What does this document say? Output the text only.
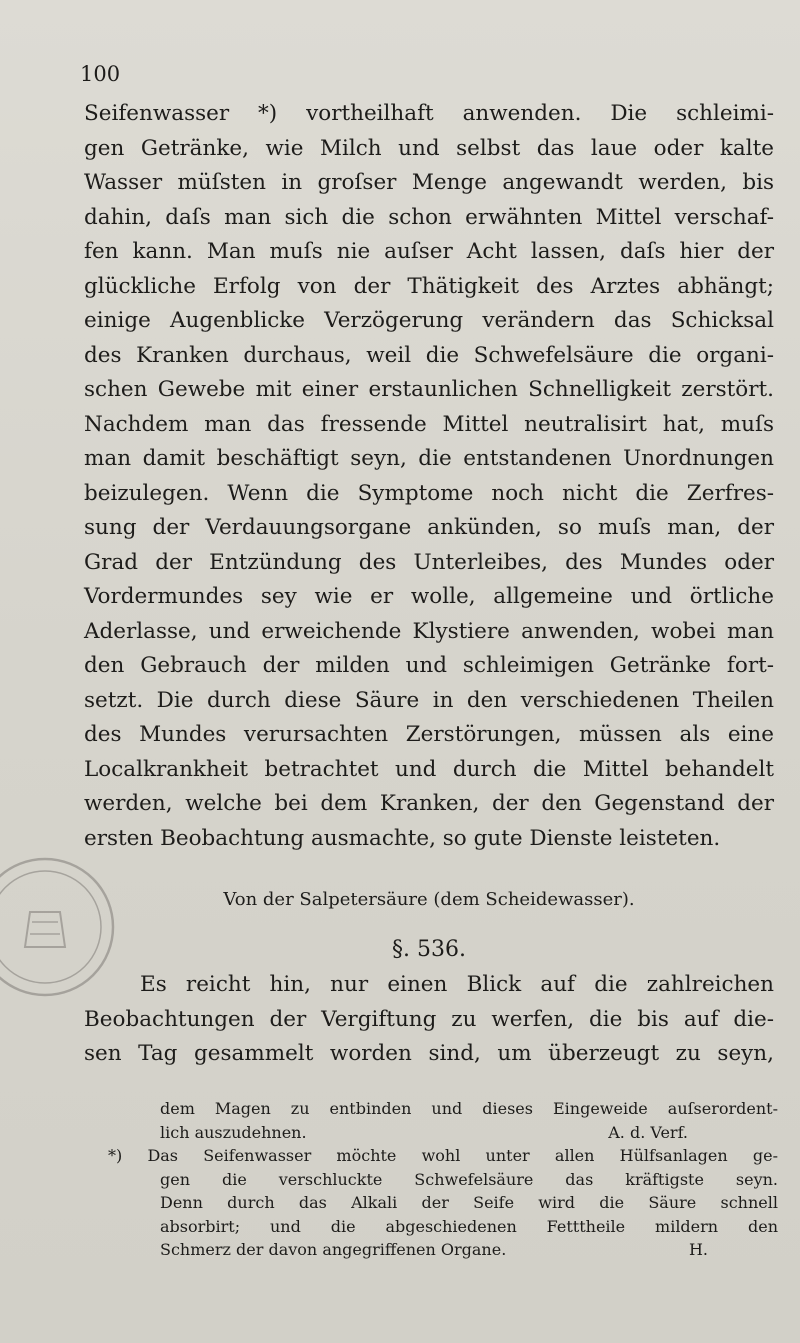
100
Seifenwasser *) vortheilhaft anwenden. Die schleimi-
gen Getränke, wie Milch und selbst das laue oder kalte
Wasser müſsten in groſser Menge angewandt werden, bis
dahin, daſs man sich die schon erwähnten Mittel verschaf-
fen kann. Man muſs nie auſser Acht lassen, daſs hier der
glückliche Erfolg von der Thätigkeit des Arztes abhängt;
einige Augenblicke Verzögerung verändern das Schicksal
des Kranken durchaus, weil die Schwefelsäure die organi-
schen Gewebe mit einer erstaunlichen Schnelligkeit zerstört.
Nachdem man das fressende Mittel neutralisirt hat, muſs
man damit beschäftigt seyn, die entstandenen Unordnungen
beizulegen. Wenn die Symptome noch nicht die Zerfres-
sung der Verdauungsorgane ankünden, so muſs man, der
Grad der Entzündung des Unterleibes, des Mundes oder
Vordermundes sey wie er wolle, allgemeine und örtliche
Aderlasse, und erweichende Klystiere anwenden, wobei man
den Gebrauch der milden und schleimigen Getränke fort-
setzt. Die durch diese Säure in den verschiedenen Theilen
des Mundes verursachten Zerstörungen, müssen als eine
Localkrankheit betrachtet und durch die Mittel behandelt
werden, welche bei dem Kranken, der den Gegenstand der
ersten Beobachtung ausmachte, so gute Dienste leisteten.
Von der Salpetersäure (dem Scheidewasser).
§. 536.
Es reicht hin, nur einen Blick auf die zahlreichen
Beobachtungen der Vergiftung zu werfen, die bis auf die-
sen Tag gesammelt worden sind, um überzeugt zu seyn,
dem Magen zu entbinden und dieses Eingeweide auſserordent-
lich auszudehnen.	A. d. Verf.
*) Das Seifenwasser möchte wohl unter allen Hülfsanlagen ge-
gen die verschluckte Schwefelsäure das kräftigste seyn.
Denn durch das Alkali der Seife wird die Säure schnell
absorbirt; und die abgeschiedenen Fetttheile mildern den
Schmerz der davon angegriffenen Organe.	H.
